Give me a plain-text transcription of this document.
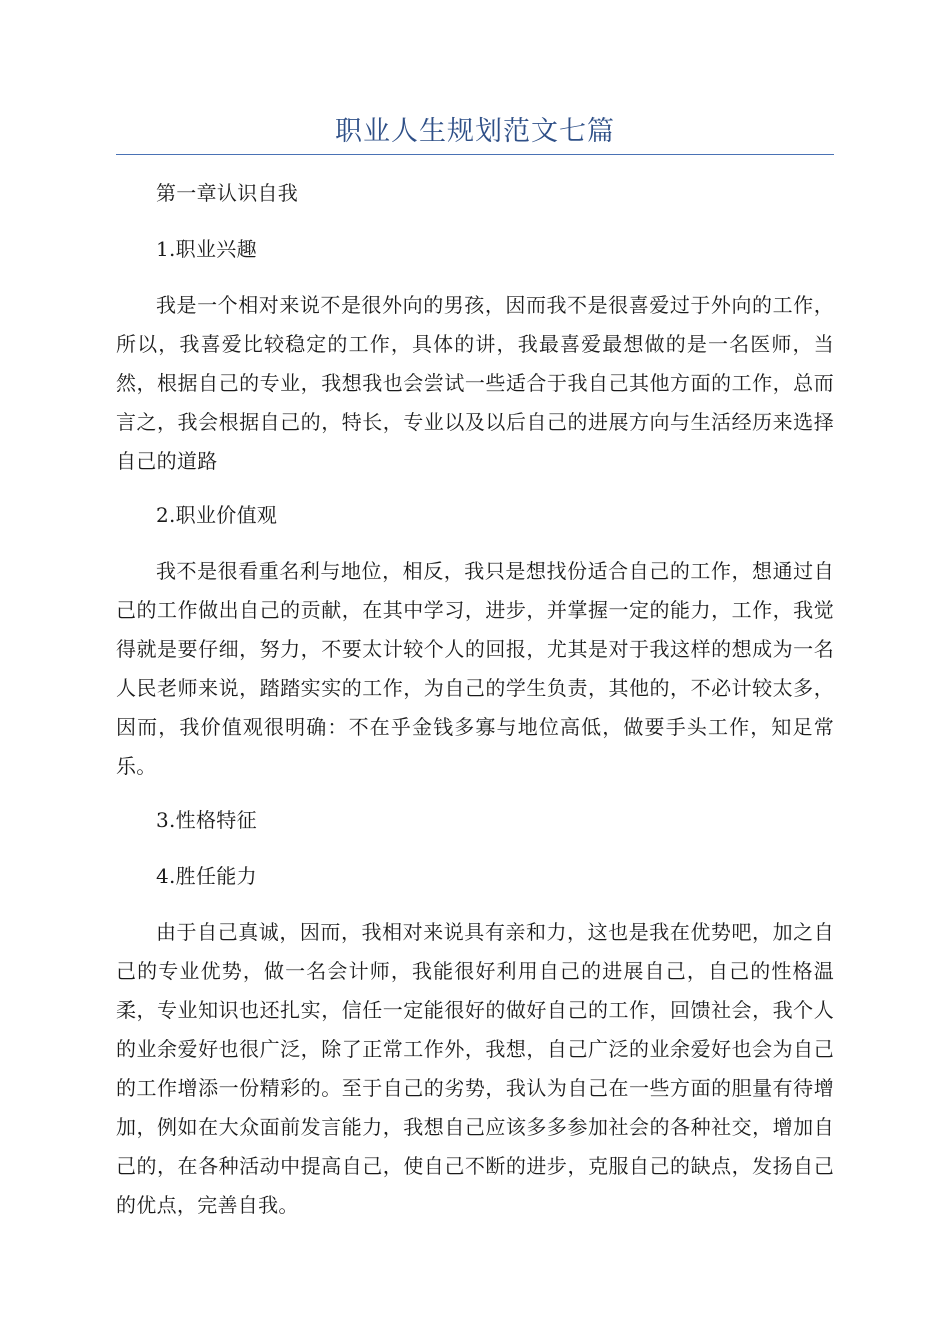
职业人生规划范文七篇

第一章认识自我

1.职业兴趣

我是一个相对来说不是很外向的男孩，因而我不是很喜爱过于外向的工作，所以，我喜爱比较稳定的工作，具体的讲，我最喜爱最想做的是一名医师，当然，根据自己的专业，我想我也会尝试一些适合于我自己其他方面的工作，总而言之，我会根据自己的，特长，专业以及以后自己的进展方向与生活经历来选择自己的道路

2.职业价值观

我不是很看重名利与地位，相反，我只是想找份适合自己的工作，想通过自己的工作做出自己的贡献，在其中学习，进步，并掌握一定的能力，工作，我觉得就是要仔细，努力，不要太计较个人的回报，尤其是对于我这样的想成为一名人民老师来说，踏踏实实的工作，为自己的学生负责，其他的，不必计较太多，因而，我价值观很明确：不在乎金钱多寡与地位高低，做要手头工作，知足常乐。

3.性格特征

4.胜任能力

由于自己真诚，因而，我相对来说具有亲和力，这也是我在优势吧，加之自己的专业优势，做一名会计师，我能很好利用自己的进展自己，自己的性格温柔，专业知识也还扎实，信任一定能很好的做好自己的工作，回馈社会，我个人的业余爱好也很广泛，除了正常工作外，我想，自己广泛的业余爱好也会为自己的工作增添一份精彩的。至于自己的劣势，我认为自己在一些方面的胆量有待增加，例如在大众面前发言能力，我想自己应该多多参加社会的各种社交，增加自己的，在各种活动中提高自己，使自己不断的进步，克服自己的缺点，发扬自己的优点，完善自我。
